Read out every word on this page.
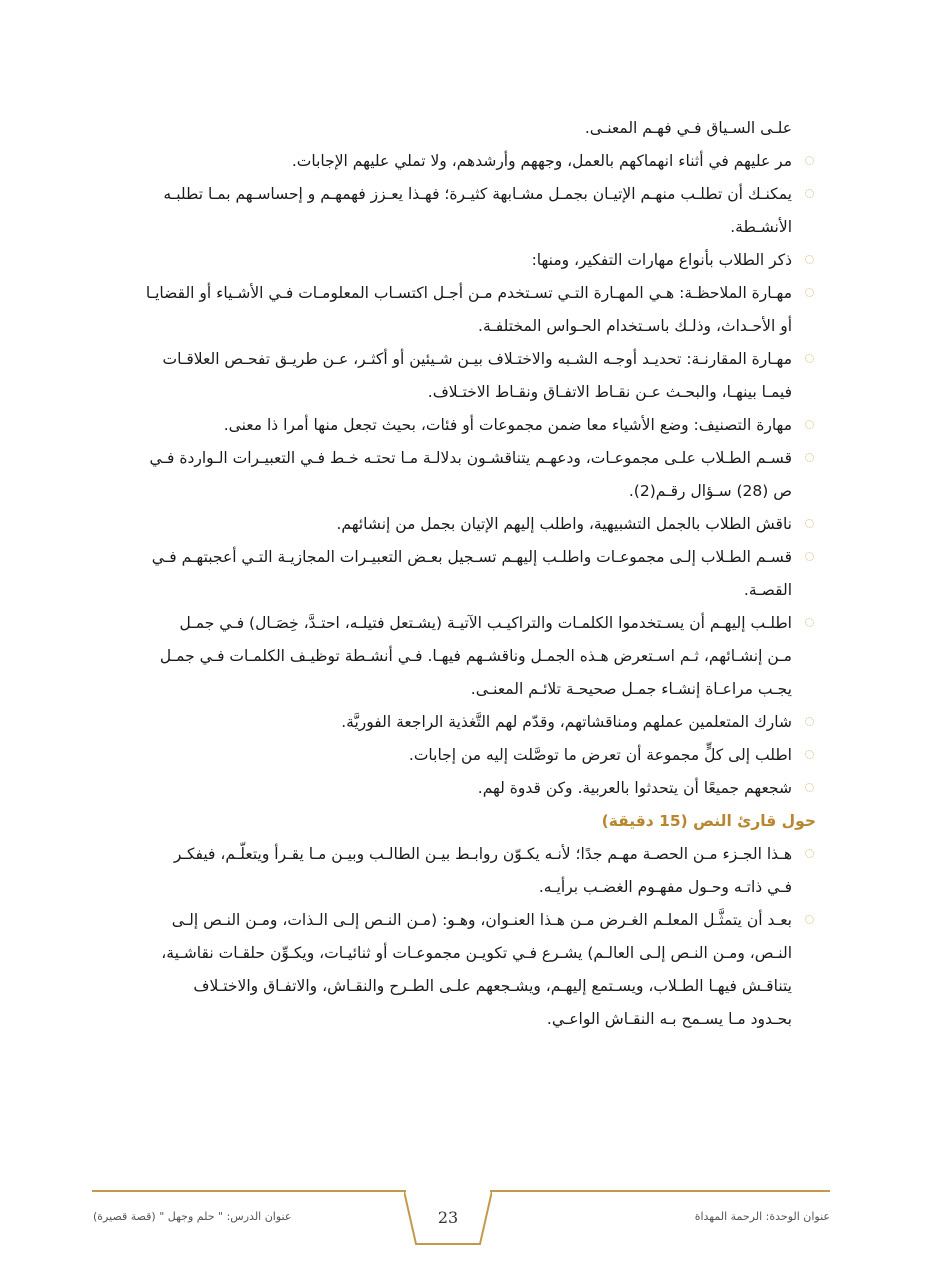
علـى السـياق فـي فهـم المعنـى.

مر عليهم في أثناء انهماكهم بالعمل، وجههم وأرشدهم، ولا تملي عليهم الإجابات.
يمكنـك أن تطلـب منهـم الإتيـان بجمـل مشـابهة كثيـرة؛ فهـذا يعـزز فهمهـم و إحساسـهم بمـا تطلبـه
الأنشـطة.
ذكر الطلاب بأنواع مهارات التفكير، ومنها:
مهـارة الملاحظـة: هـي المهـارة التـي تسـتخدم مـن أجـل اكتسـاب المعلومـات فـي الأشـياء أو القضايـا
أو الأحـداث، وذلـك باسـتخدام الحـواس المختلفـة.
مهـارة المقارنـة: تحديـد أوجـه الشـبه والاختـلاف بيـن شـيئين أو أكثـر، عـن طريـق تفحـص العلاقـات
فيمـا بينهـا، والبحـث عـن نقـاط الاتفـاق ونقـاط الاختـلاف.
مهارة التصنيف: وضع الأشياء معا ضمن مجموعات أو فئات، بحيث تجعل منها أمرا ذا معنى.
قسـم الطـلاب علـى مجموعـات، ودعهـم يتناقشـون بدلالـة مـا تحتـه خـط فـي التعبيـرات الـواردة فـي
ص (28) سـؤال رقـم(2).
ناقش الطلاب بالجمل التشبيهية، واطلب إليهم الإتيان بجمل من إنشائهم.
قسـم الطـلاب إلـى مجموعـات واطلـب إليهـم تسـجيل بعـض التعبيـرات المجازيـة التـي أعجبتهـم فـي
القصـة.
اطلـب إليهـم أن يسـتخدموا الكلمـات والتراكيـب الآتيـة (يشـتعل فتيلـه، احتـدَّ، خِصَـال) فـي جمـل
مـن إنشـائهم، ثـم اسـتعرض هـذه الجمـل وناقشـهم فيهـا. فـي أنشـطة توظيـف الكلمـات فـي جمـل
يجـب مراعـاة إنشـاء جمـل صحيحـة تلائـم المعنـى.
شارك المتعلمين عملهم ومناقشاتهم، وقدّم لهم التَّغذية الراجعة الفوريَّة.
اطلب إلى كلٍّ مجموعة أن تعرض ما توصَّلت إليه من إجابات.
شجعهم جميعًا أن يتحدثوا بالعربية. وكن قدوة لهم.

حول قارئ النص (15 دقيقة)

هـذا الجـزء مـن الحصـة مهـم جدًا؛ لأنـه يكـوّن روابـط بيـن الطالـب وبيـن مـا يقـرأ ويتعلّـم، فيفكـر
فـي ذاتـه وحـول مفهـوم الغضـب برأيـه.
بعـد أن يتمثَّـل المعلـم الغـرض مـن هـذا العنـوان، وهـو: (مـن النـص إلـى الـذات، ومـن النـص إلـى
النـص، ومـن النـص إلـى العالـم) يشـرع فـي تكويـن مجموعـات أو ثنائيـات، ويكـوِّن حلقـات نقاشـية،
يتناقـش فيهـا الطـلاب، ويسـتمع إليهـم، ويشـجعهم علـى الطـرح والنقـاش، والاتفـاق والاختـلاف
بحـدود مـا يسـمح بـه النقـاش الواعـي.
23	عنوان الوحدة: الرحمة المهداة
عنوان الدرس: " حلم وجهل " (قصة قصيرة)
